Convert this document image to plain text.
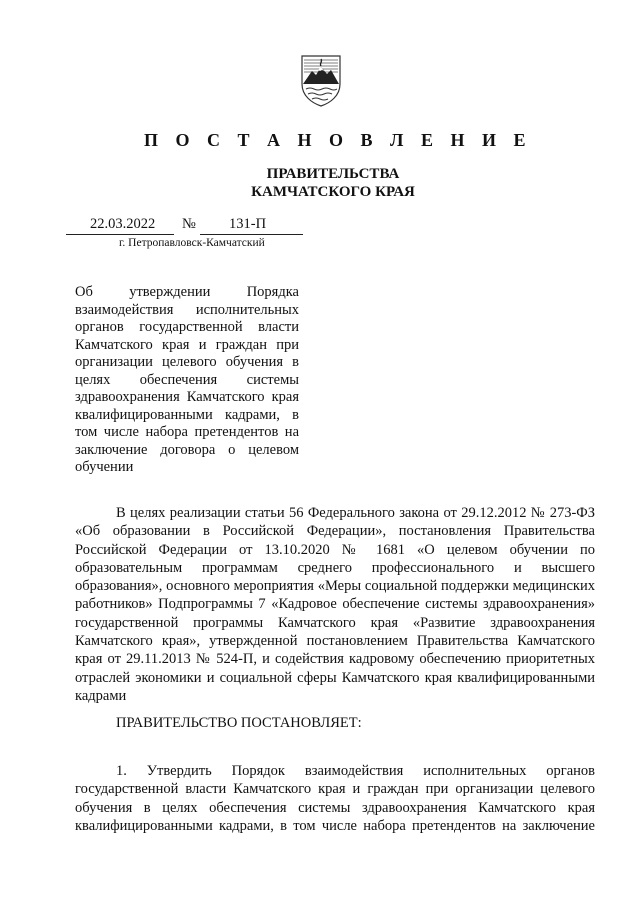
П О С Т А Н О В Л Е Н И Е
ПРАВИТЕЛЬСТВА
КАМЧАТСКОГО КРАЯ
22.03.2022 № 131-П
г. Петропавловск-Камчатский
Об утверждении Порядка взаимодействия исполнительных органов государственной власти Камчатского края и граждан при организации целевого обучения в целях обеспечения системы здравоохранения Камчатского края квалифицированными кадрами, в том числе набора претендентов на заключение договора о целевом обучении
В целях реализации статьи 56 Федерального закона от 29.12.2012 № 273-ФЗ «Об образовании в Российской Федерации», постановления Правительства Российской Федерации от 13.10.2020 № 1681 «О целевом обучении по образовательным программам среднего профессионального и высшего образования», основного мероприятия «Меры социальной поддержки медицинских работников» Подпрограммы 7 «Кадровое обеспечение системы здравоохранения» государственной программы Камчатского края «Развитие здравоохранения Камчатского края», утвержденной постановлением Правительства Камчатского края от 29.11.2013 № 524-П, и содействия кадровому обеспечению приоритетных отраслей экономики и социальной сферы Камчатского края квалифицированными кадрами
ПРАВИТЕЛЬСТВО ПОСТАНОВЛЯЕТ:
1. Утвердить Порядок взаимодействия исполнительных органов государственной власти Камчатского края и граждан при организации целевого обучения в целях обеспечения системы здравоохранения Камчатского края квалифицированными кадрами, в том числе набора претендентов на заключение
